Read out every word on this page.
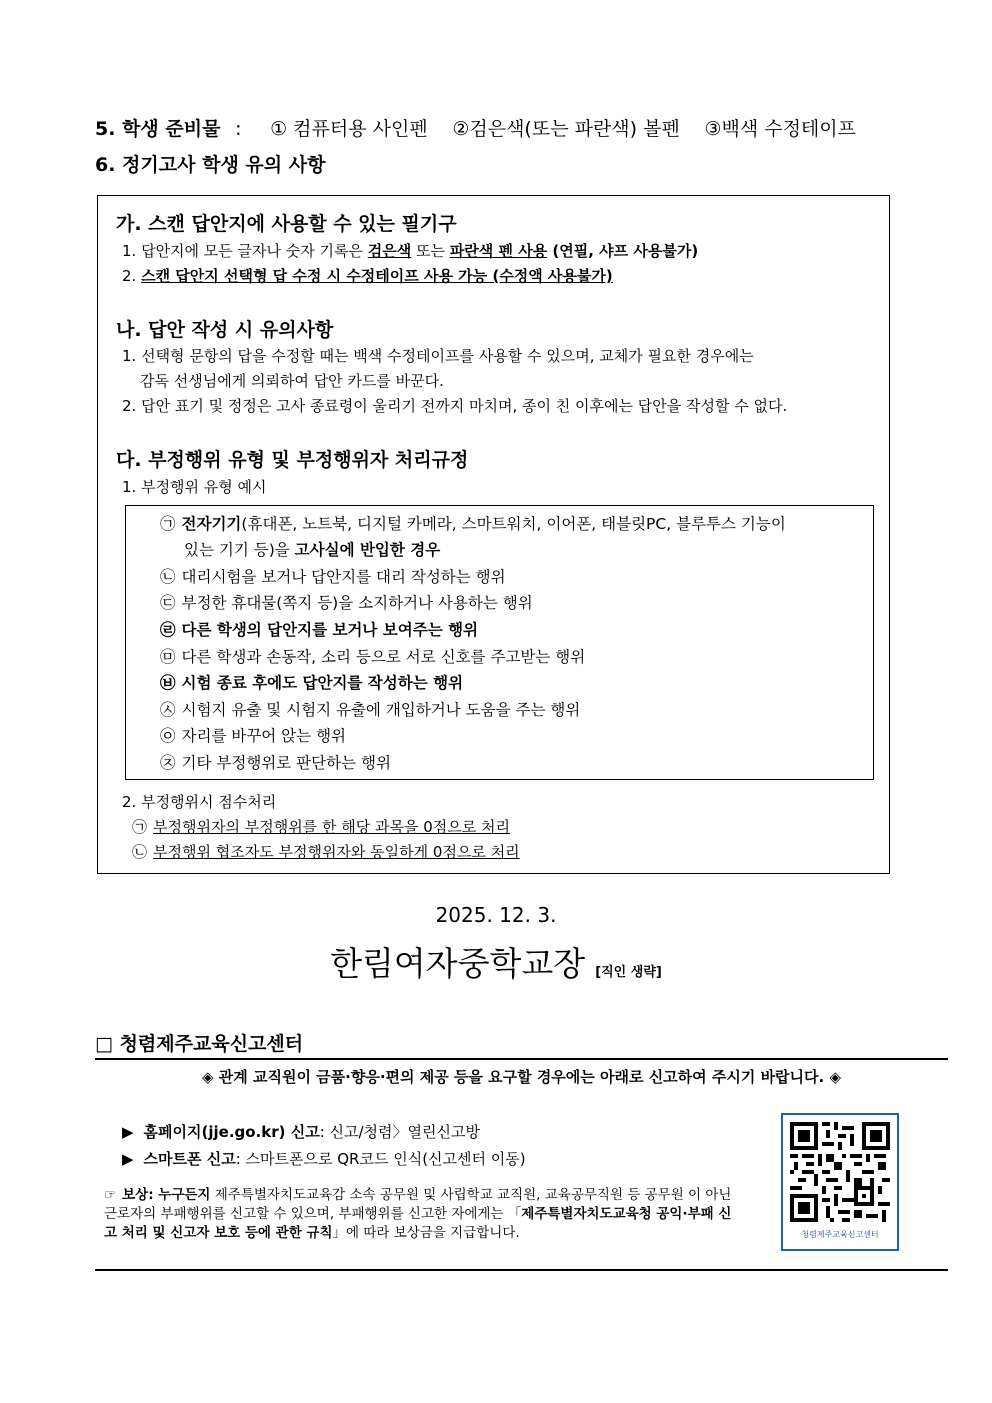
5. 학생 준비물 : ① 컴퓨터용 사인펜 ②검은색(또는 파란색) 볼펜 ③백색 수정테이프
6. 정기고사 학생 유의 사항
가. 스캔 답안지에 사용할 수 있는 필기구
1. 답안지에 모든 글자나 숫자 기록은 검은색 또는 파란색 펜 사용 (연필, 샤프 사용불가)
2. 스캔 답안지 선택형 답 수정 시 수정테이프 사용 가능 (수정액 사용불가)
나. 답안 작성 시 유의사항
1. 선택형 문항의 답을 수정할 때는 백색 수정테이프를 사용할 수 있으며, 교체가 필요한 경우에는
감독 선생님에게 의뢰하여 답안 카드를 바꾼다.
2. 답안 표기 및 정정은 고사 종료령이 울리기 전까지 마치며, 종이 친 이후에는 답안을 작성할 수 없다.
다. 부정행위 유형 및 부정행위자 처리규정
1. 부정행위 유형 예시
㉠ 전자기기(휴대폰, 노트북, 디지털 카메라, 스마트워치, 이어폰, 태블릿PC, 블루투스 기능이
있는 기기 등)을 고사실에 반입한 경우
㉡ 대리시험을 보거나 답안지를 대리 작성하는 행위
㉢ 부정한 휴대물(쪽지 등)을 소지하거나 사용하는 행위
㉣ 다른 학생의 답안지를 보거나 보여주는 행위
㉤ 다른 학생과 손동작, 소리 등으로 서로 신호를 주고받는 행위
㉥ 시험 종료 후에도 답안지를 작성하는 행위
㉦ 시험지 유출 및 시험지 유출에 개입하거나 도움을 주는 행위
㉧ 자리를 바꾸어 앉는 행위
㉨ 기타 부정행위로 판단하는 행위
2. 부정행위시 점수처리
㉠ 부정행위자의 부정행위를 한 해당 과목을 0점으로 처리
㉡ 부정행위 협조자도 부정행위자와 동일하게 0점으로 처리
2025. 12. 3.
한림여자중학교장 [직인 생략]
□ 청렴제주교육신고센터
◈ 관계 교직원이 금품·향응·편의 제공 등을 요구할 경우에는 아래로 신고하여 주시기 바랍니다. ◈
▶ 홈페이지(jje.go.kr) 신고: 신고/청렴〉열린신고방
▶ 스마트폰 신고: 스마트폰으로 QR코드 인식(신고센터 이동)
☞ 보상: 누구든지 제주특별자치도교육감 소속 공무원 및 사립학교 교직원, 교육공무직원 등 공무원 이 아닌 근로자의 부패행위를 신고할 수 있으며, 부패행위를 신고한 자에게는 「제주특별자치도교육청 공익·부패 신고 처리 및 신고자 보호 등에 관한 규칙」에 따라 보상금을 지급합니다.	청렴제주교육신고센터
